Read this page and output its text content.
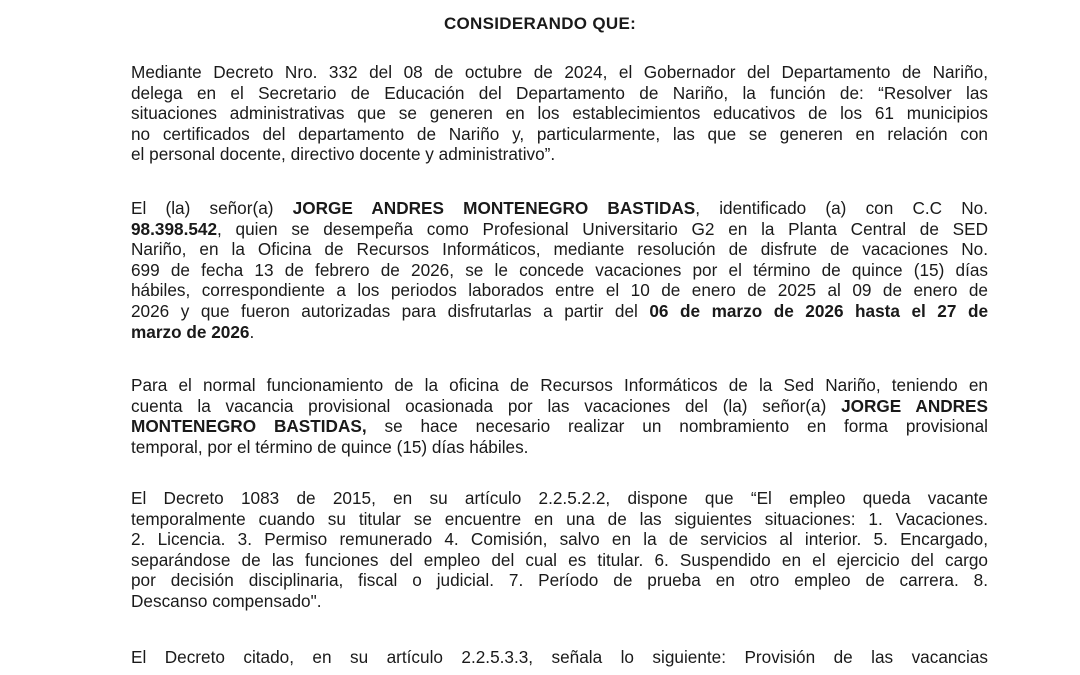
CONSIDERANDO QUE:
Mediante Decreto Nro. 332 del 08 de octubre de 2024, el Gobernador del Departamento de Nariño,
delega en el Secretario de Educación del Departamento de Nariño, la función de: “Resolver las
situaciones administrativas que se generen en los establecimientos educativos de los 61 municipios
no certificados del departamento de Nariño y, particularmente, las que se generen en relación con
el personal docente, directivo docente y administrativo”.
El (la) señor(a) JORGE ANDRES MONTENEGRO BASTIDAS, identificado (a) con C.C No.
98.398.542, quien se desempeña como Profesional Universitario G2 en la Planta Central de SED
Nariño, en la Oficina de Recursos Informáticos, mediante resolución de disfrute de vacaciones No.
699 de fecha 13 de febrero de 2026, se le concede vacaciones por el término de quince (15) días
hábiles, correspondiente a los periodos laborados entre el 10 de enero de 2025 al 09 de enero de
2026 y que fueron autorizadas para disfrutarlas a partir del 06 de marzo de 2026 hasta el 27 de
marzo de 2026.
Para el normal funcionamiento de la oficina de Recursos Informáticos de la Sed Nariño, teniendo en
cuenta la vacancia provisional ocasionada por las vacaciones del (la) señor(a) JORGE ANDRES
MONTENEGRO BASTIDAS, se hace necesario realizar un nombramiento en forma provisional
temporal, por el término de quince (15) días hábiles.
El Decreto 1083 de 2015, en su artículo 2.2.5.2.2, dispone que “El empleo queda vacante
temporalmente cuando su titular se encuentre en una de las siguientes situaciones: 1. Vacaciones.
2. Licencia. 3. Permiso remunerado 4. Comisión, salvo en la de servicios al interior. 5. Encargado,
separándose de las funciones del empleo del cual es titular. 6. Suspendido en el ejercicio del cargo
por decisión disciplinaria, fiscal o judicial. 7. Período de prueba en otro empleo de carrera. 8.
Descanso compensado".
El Decreto citado, en su artículo 2.2.5.3.3, señala lo siguiente: Provisión de las vacancias
